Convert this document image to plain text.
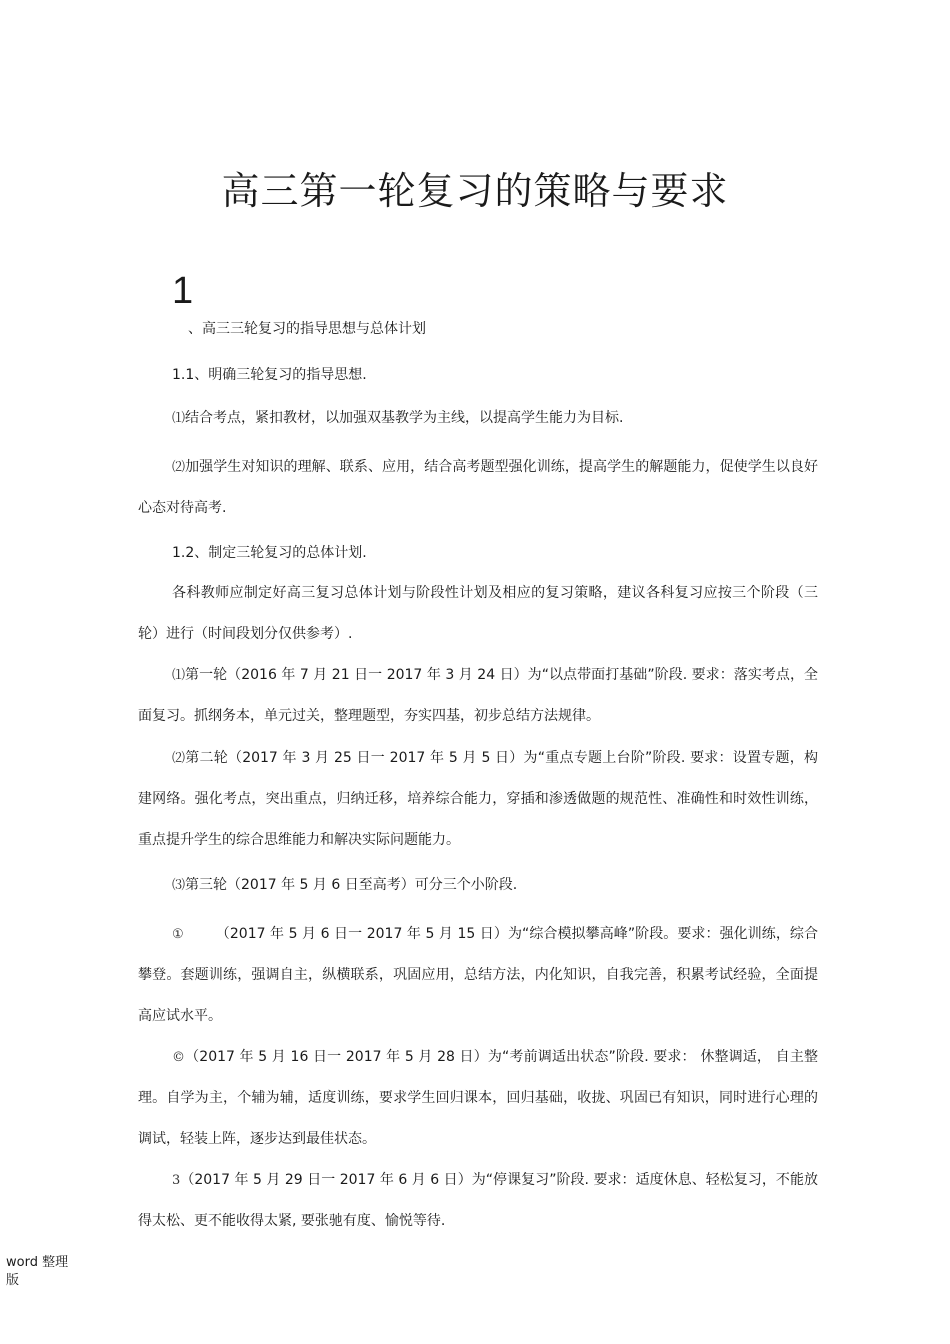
高三第一轮复习的策略与要求
1

、高三三轮复习的指导思想与总体计划

1.1、明确三轮复习的指导思想.

⑴结合考点，紧扣教材，以加强双基教学为主线，以提高学生能力为目标.

⑵加强学生对知识的理解、联系、应用，结合高考题型强化训练，提高学生的解题能力，促使学生以良好心态对待高考.

1.2、制定三轮复习的总体计划.

各科教师应制定好高三复习总体计划与阶段性计划及相应的复习策略，建议各科复习应按三个阶段（三轮）进行（时间段划分仅供参考）.

⑴第一轮（2016 年 7 月 21 日一 2017 年 3 月 24 日）为“以点带面打基础”阶段. 要求：落实考点，全面复习。抓纲务本，单元过关，整理题型，夯实四基，初步总结方法规律。

⑵第二轮（2017 年 3 月 25 日一 2017 年 5 月 5 日）为“重点专题上台阶”阶段. 要求：设置专题，构建网络。强化考点，突出重点，归纳迁移，培养综合能力，穿插和渗透做题的规范性、准确性和时效性训练，重点提升学生的综合思维能力和解决实际问题能力。

⑶第三轮（2017 年 5 月 6 日至高考）可分三个小阶段.

① （2017 年 5 月 6 日一 2017 年 5 月 15 日）为“综合模拟攀高峰”阶段。要求：强化训练，综合攀登。套题训练，强调自主，纵横联系，巩固应用，总结方法，内化知识，自我完善，积累考试经验，全面提高应试水平。

©（2017 年 5 月 16 日一 2017 年 5 月 28 日）为“考前调适出状态”阶段. 要求： 休整调适， 自主整理。自学为主，个辅为辅，适度训练，要求学生回归课本，回归基础，收拢、巩固已有知识，同时进行心理的调试，轻装上阵，逐步达到最佳状态。

3（2017 年 5 月 29 日一 2017 年 6 月 6 日）为“停课复习”阶段. 要求：适度休息、轻松复习，不能放得太松、更不能收得太紧, 要张驰有度、愉悦等待.

word 整理版
